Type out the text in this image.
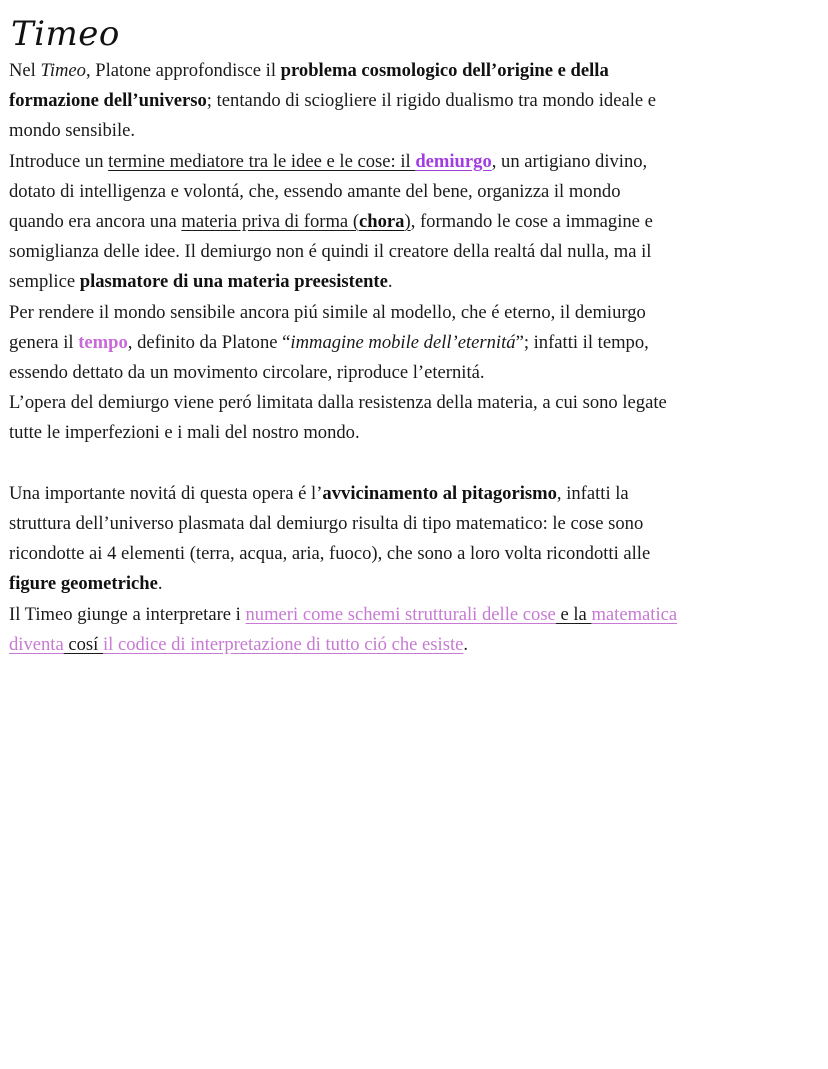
Timeo

Nel Timeo, Platone approfondisce il problema cosmologico dell’origine e della
formazione dell’universo; tentando di sciogliere il rigido dualismo tra mondo ideale e
mondo sensibile.

Introduce un termine mediatore tra le idee e le cose: il demiurgo, un artigiano divino,
dotato di intelligenza e volontá, che, essendo amante del bene, organizza il mondo
quando era ancora una materia priva di forma (chora), formando le cose a immagine e
somiglianza delle idee. Il demiurgo non é quindi il creatore della realtá dal nulla, ma il
semplice plasmatore di una materia preesistente.

Per rendere il mondo sensibile ancora piú simile al modello, che é eterno, il demiurgo
genera il tempo, definito da Platone “immagine mobile dell’eternitá”; infatti il tempo,
essendo dettato da un movimento circolare, riproduce l’eternitá.

L’opera del demiurgo viene peró limitata dalla resistenza della materia, a cui sono legate
tutte le imperfezioni e i mali del nostro mondo.

Una importante novitá di questa opera é l’avvicinamento al pitagorismo, infatti la
struttura dell’universo plasmata dal demiurgo risulta di tipo matematico: le cose sono
ricondotte ai 4 elementi (terra, acqua, aria, fuoco), che sono a loro volta ricondotti alle
figure geometriche.

Il Timeo giunge a interpretare i numeri come schemi strutturali delle cose e la matematica
diventa cosí il codice di interpretazione di tutto ció che esiste.
